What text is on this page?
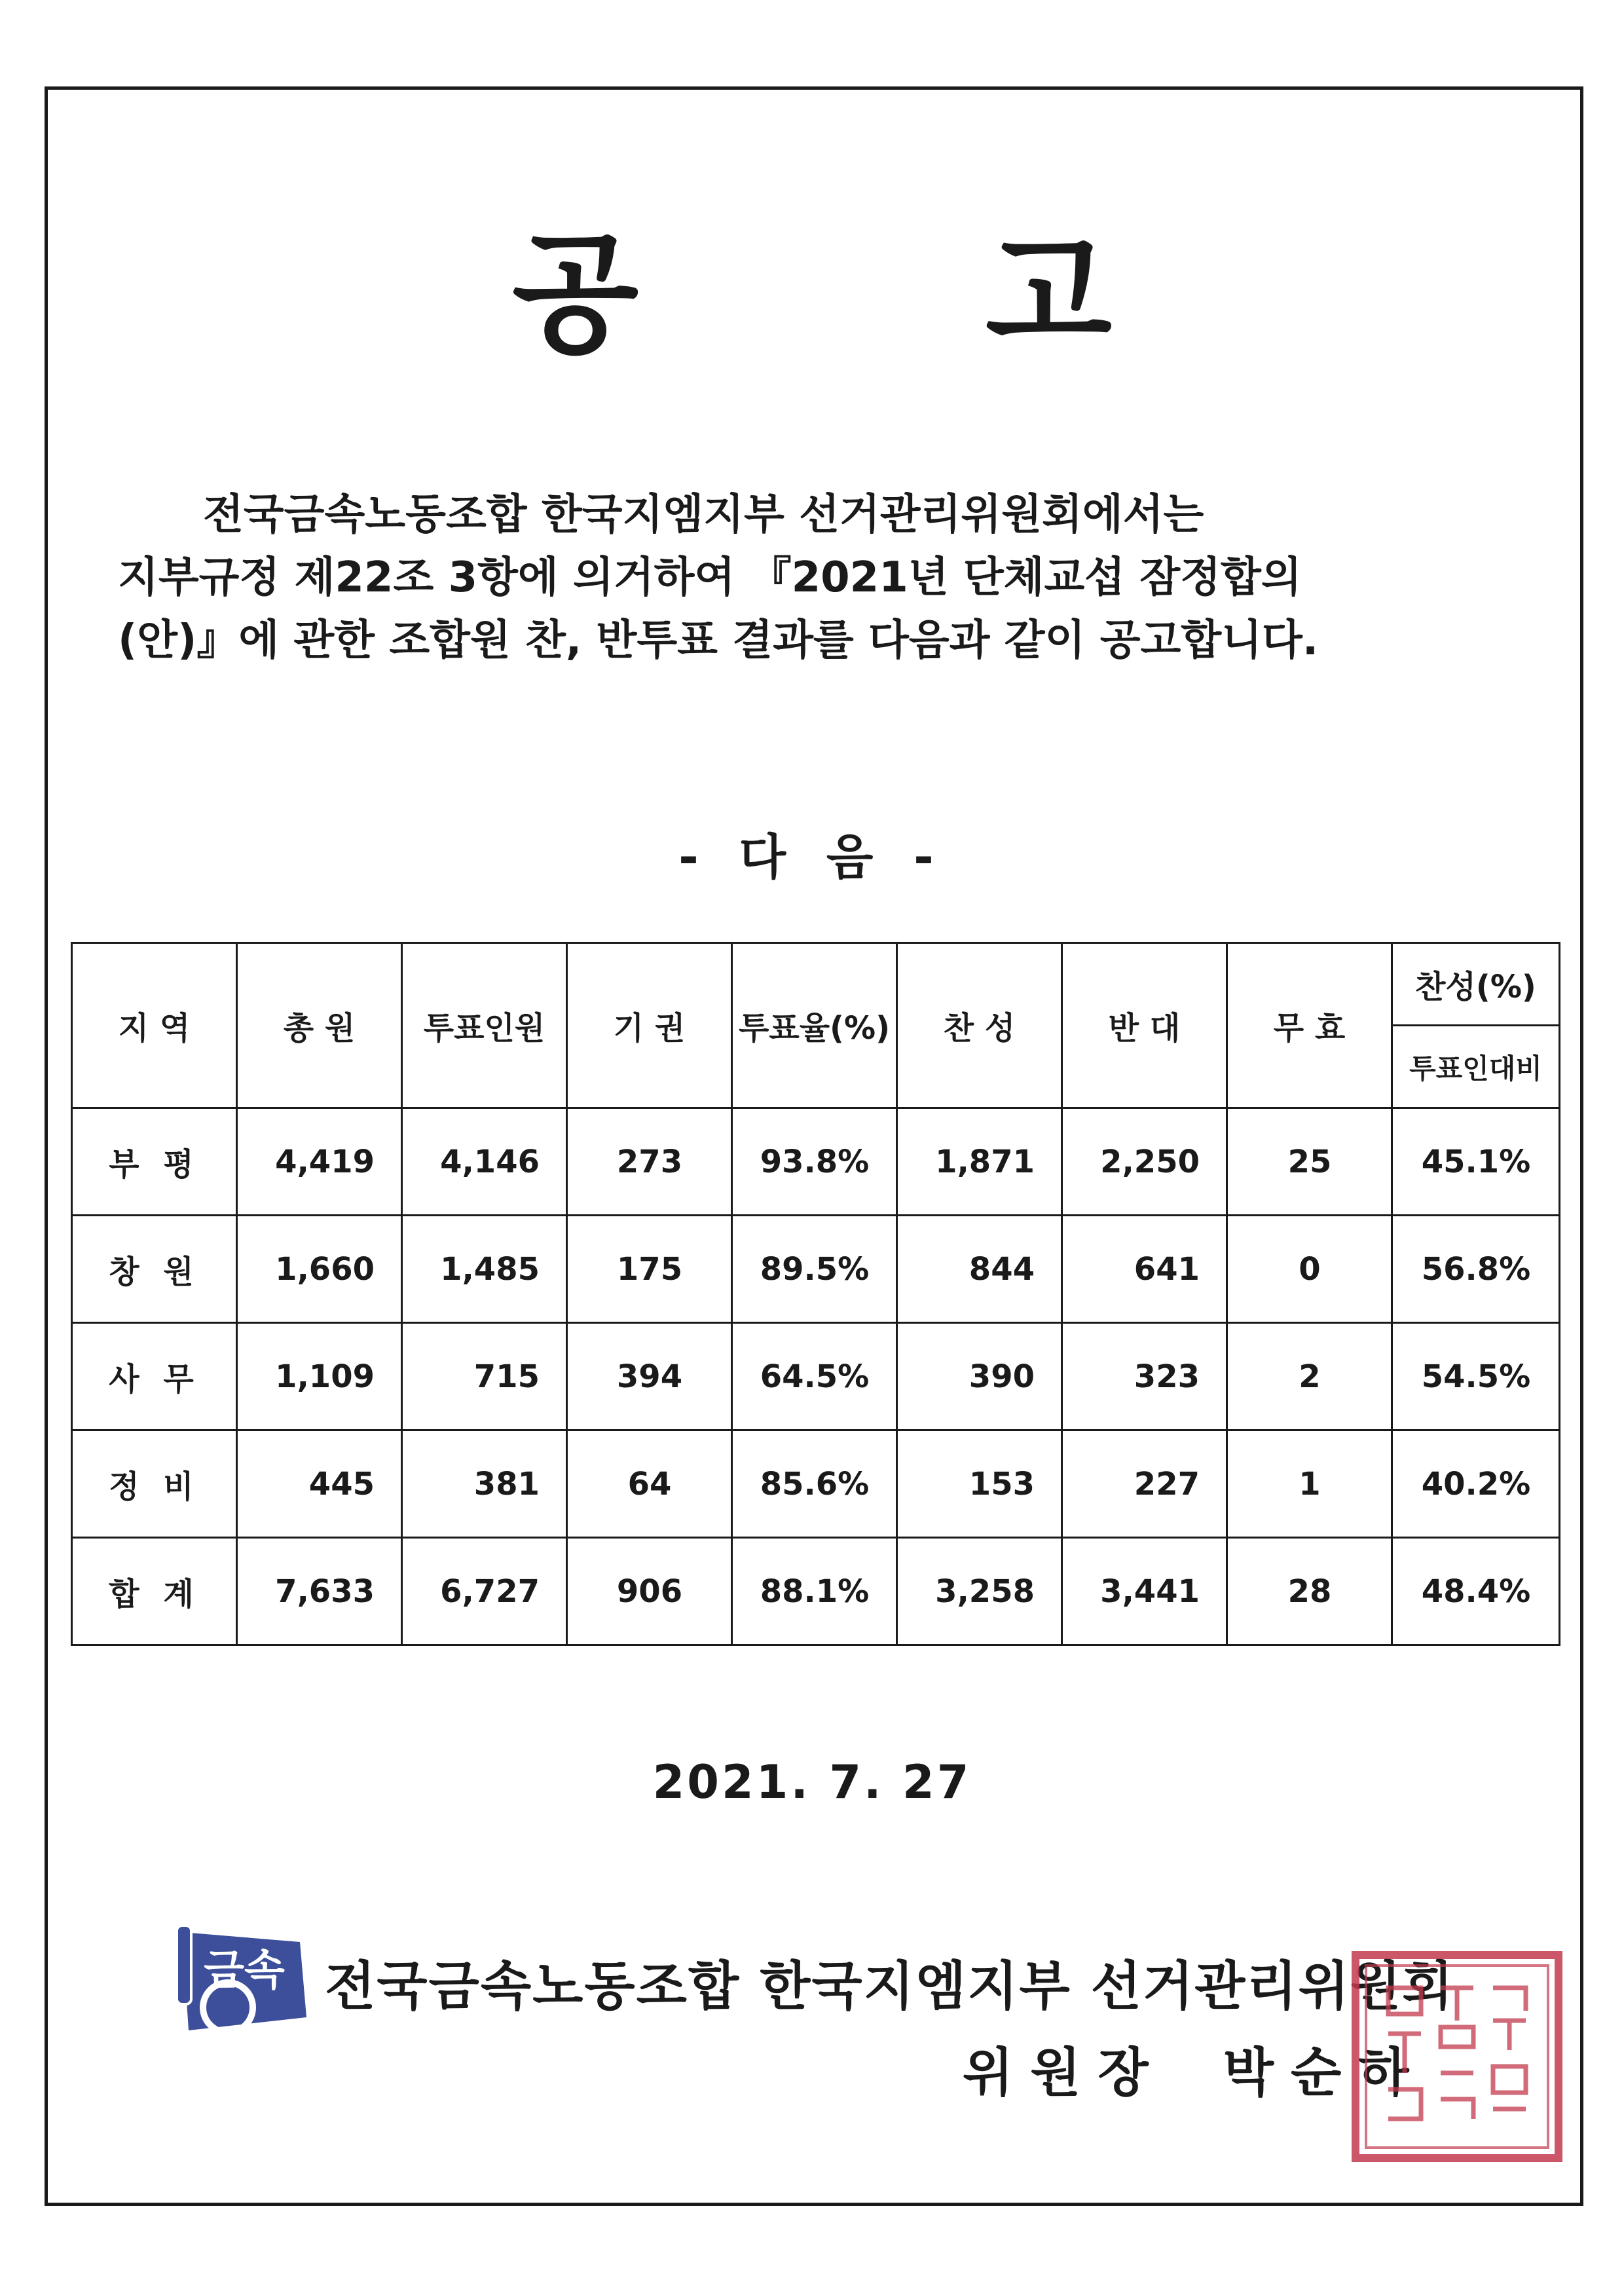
공 고
전국금속노동조합 한국지엠지부 선거관리위원회에서는
지부규정 제22조 3항에 의거하여 『2021년 단체교섭 잠정합의
(안)』에 관한 조합원 찬, 반투표 결과를 다음과 같이 공고합니다.
- 다 음 -
지 역	총 원	투표인원	기 권	투표율(%)	찬 성	반 대	무 효	찬성(%)
								투표인대비
부 평	4,419	4,146	273	93.8%	1,871	2,250	25	45.1%
창 원	1,660	1,485	175	89.5%	844	641	0	56.8%
사 무	1,109	715	394	64.5%	390	323	2	54.5%
정 비	445	381	64	85.6%	153	227	1	40.2%
합 계	7,633	6,727	906	88.1%	3,258	3,441	28	48.4%
2021. 7. 27
금속 전국금속노동조합 한국지엠지부 선거관리위원회
위원장 박순하
